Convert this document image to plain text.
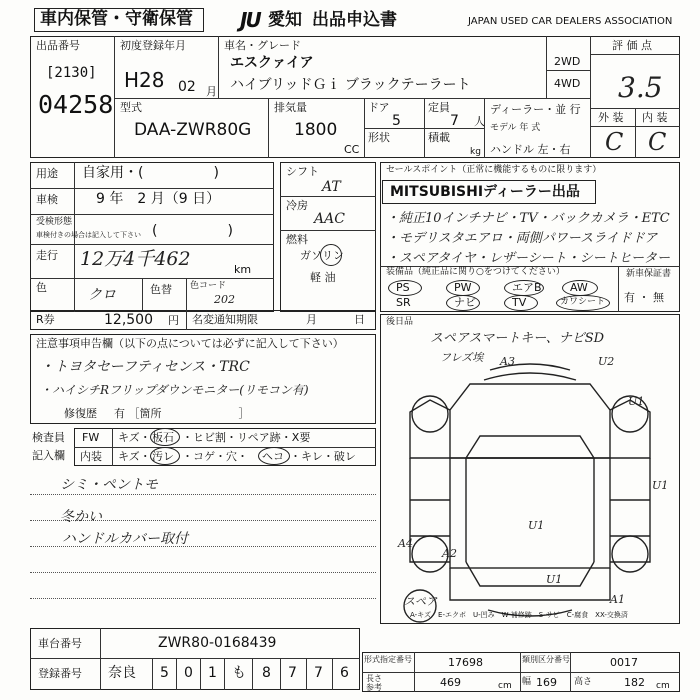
車内保管・守衛保管 JU 愛知 出品申込書	JAPAN USED CAR DEALERS ASSOCIATION
出品番号
[2130]
04258
初度登録年月
H28 02 月
車名・グレード
エスクァイア
ハイブリッドＧｉ ブラックテーラート
2WD
4WD
評 価 点
3.5
外 装 内 装
C C
型式
DAA-ZWR80G
排気量
1800
CC
ドア
5
定員
7 人
形状	積載
kg
ディーラー・並 行
モデル 年 式
ハンドル 左・右
用途 自家用・(　　　　　)
車検	9 年　2 月（9 日）
受検形態
車検付きの場合は記入して下さい (　　　　　)
走行 12万4千462	km
色	クロ	色替 色コード
202
シフト
AT
冷房
AAC
燃料
ガソリン
軽 油
セールスポイント（正常に機能するものに限ります）
MITSUBISHIディーラー出品
・純正10インチナビ・TV・バックカメラ・ETC
・モデリスタエアロ・両側パワースライドドア
・スペアタイヤ・レザーシート・シートヒーター
装備品（純正品に関り○をつけてください）	新車保証書
有 ・ 無
PS	PW	エアB	AW
SR	ナビ	TV	カワシート
R券	12,500 円 名変通知期限	月	日 後日品
スペアスマートキー、ナビSD
注意事項申告欄（以下の点については必ずに記入して下さい）
・トヨタセーフティセンス・TRC
・ハイシチRフリップダウンモニター(リモコン有)
修復歴 有 ［箇所　　　　　　　］
検査員
記入欄
FW キズ・ 板石 ・ヒビ割・リペア跡・X要
内装 キズ・ 汚レ ・コゲ・穴・ ヘコ ・キレ・破レ
シミ・ペントモ
冬かい
ハンドルカバー取付
フレズ埃 A3	U2
U1
A4
スペア
A2
U1
U1
U1
A1
A-キズ　E-エクボ　U-凹み　W-補修跡　S-サビ　C-腐食　XX-交換済
車台番号	ZWR80-0168439
登録番号 奈良 5 0 1 も 8 7 7 6
形式指定番号	17698	類別区分番号	0017
長さ
参考	469	cm 幅 169 高さ	182 cm
